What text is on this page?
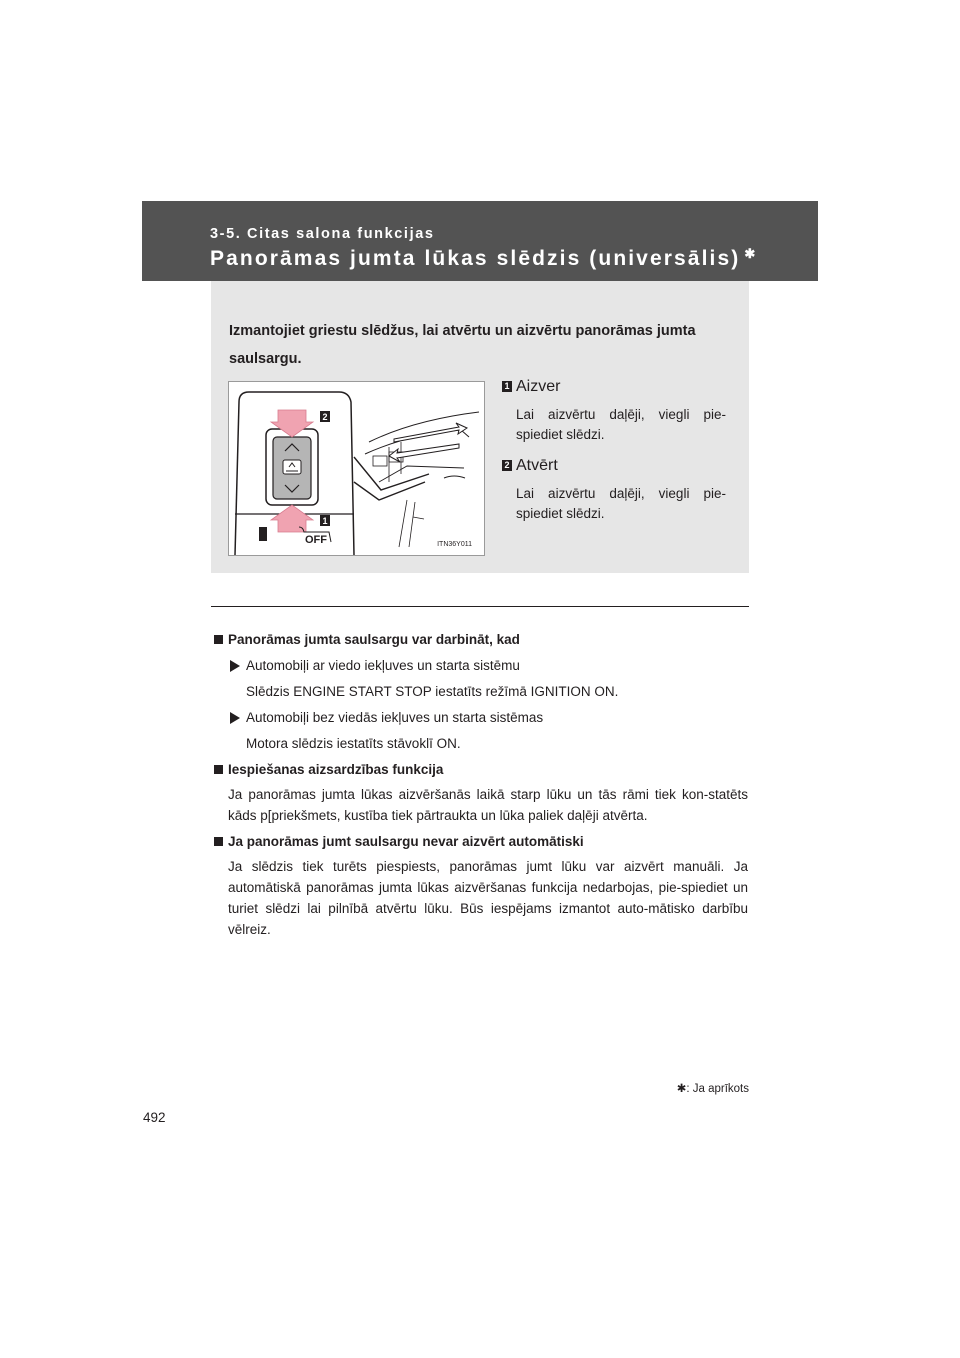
3-5. Citas salona funkcijas
Panorāmas jumta lūkas slēdzis (universālis) ✱
Izmantojiet griestu slēdžus, lai atvērtu un aizvērtu panorāmas jumta saulsargu.
2
1
OFF	ITN36Y011
1 Aizver
Lai aizvērtu daļēji, viegli pie-spiediet slēdzi.
2 Atvērt
Lai aizvērtu daļēji, viegli pie-spiediet slēdzi.
Panorāmas jumta saulsargu var darbināt, kad
Automobiļi ar viedo iekļuves un starta sistēmu
Slēdzis ENGINE START STOP iestatīts režīmā IGNITION ON.
Automobiļi bez viedās iekļuves un starta sistēmas
Motora slēdzis iestatīts stāvoklī ON.
Iespiešanas aizsardzības funkcija
Ja panorāmas jumta lūkas aizvēršanās laikā starp lūku un tās rāmi tiek kon-statēts kāds p[priekšmets, kustība tiek pārtraukta un lūka paliek daļēji atvērta.
Ja panorāmas jumt saulsargu nevar aizvērt automātiski
Ja slēdzis tiek turēts piespiests, panorāmas jumt lūku var aizvērt manuāli. Ja automātiskā panorāmas jumta lūkas aizvēršanas funkcija nedarbojas, pie-spiediet un turiet slēdzi lai pilnībā atvērtu lūku. Būs iespējams izmantot auto-mātisko darbību vēlreiz.
✱: Ja aprīkots
492
